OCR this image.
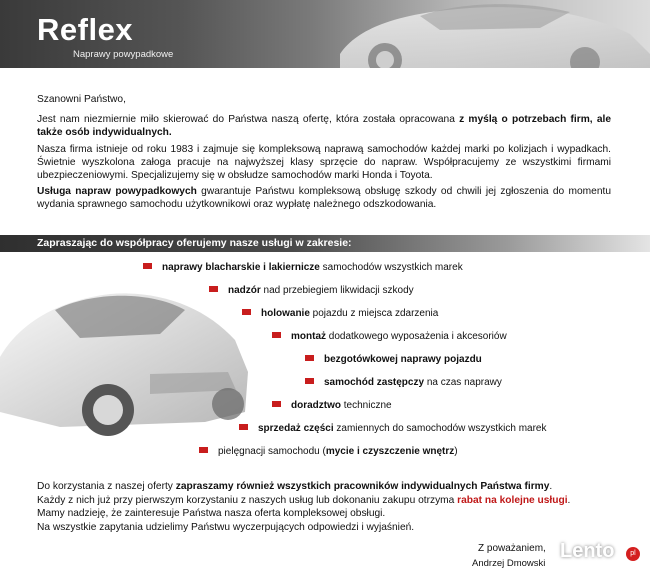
Reflex
Naprawy powypadkowe

Szanowni Państwo,

Jest nam niezmiernie miło skierować do Państwa naszą ofertę, która została opracowana z myślą o potrzebach firm, ale także osób indywidualnych.

Nasza firma istnieje od roku 1983 i zajmuje się kompleksową naprawą samochodów każdej marki po kolizjach i wypadkach. Świetnie wyszkolona załoga pracuje na najwyższej klasy sprzęcie do napraw. Współpracujemy ze wszystkimi firmami ubezpieczeniowymi. Specjalizujemy się w obsłudze samochodów marki Honda i Toyota.

Usługa napraw powypadkowych gwarantuje Państwu kompleksową obsługę szkody od chwili jej zgłoszenia do momentu wydania sprawnego samochodu użytkownikowi oraz wypłatę należnego odszkodowania.

Zapraszając do współpracy oferujemy nasze usługi w zakresie:
naprawy blacharskie i lakiernicze samochodów wszystkich marek
nadzór nad przebiegiem likwidacji szkody
holowanie pojazdu z miejsca zdarzenia
montaż dodatkowego wyposażenia i akcesoriów
bezgotówkowej naprawy pojazdu
samochód zastępczy na czas naprawy
doradztwo techniczne
sprzedaż części zamiennych do samochodów wszystkich marek
pielęgnacji samochodu (mycie i czyszczenie wnętrz)
Do korzystania z naszej oferty zapraszamy również wszystkich pracowników indywidualnych Państwa firmy.
Każdy z nich już przy pierwszym korzystaniu z naszych usług lub dokonaniu zakupu otrzyma rabat na kolejne usługi.
Mamy nadzieję, że zainteresuje Państwa nasza oferta kompleksowej obsługi.
Na wszystkie zapytania udzielimy Państwu wyczerpujących odpowiedzi i wyjaśnień.
Z poważaniem,
Andrzej Dmowski
Lento	pl
